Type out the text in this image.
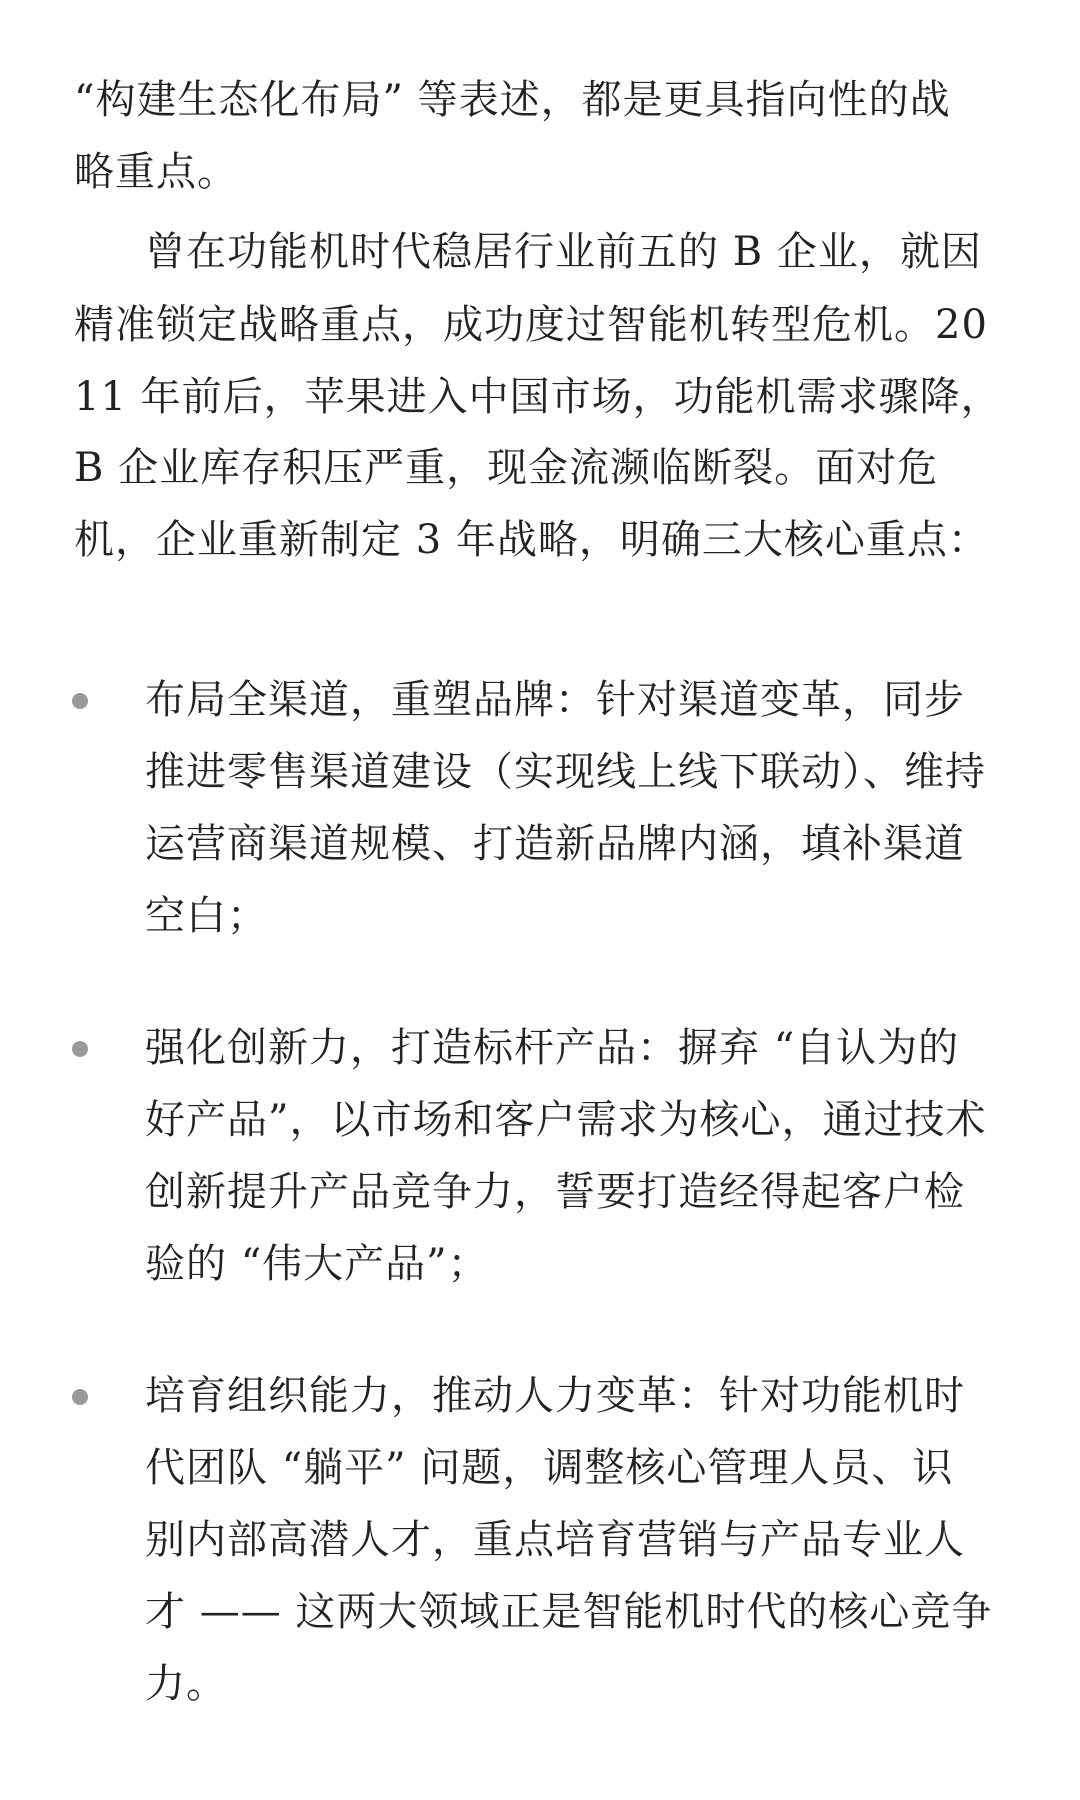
“构建生态化布局” 等表述，都是更具指向性的战
略重点。
曾在功能机时代稳居行业前五的 B 企业，就因
精准锁定战略重点，成功度过智能机转型危机。20
11 年前后，苹果进入中国市场，功能机需求骤降，
B 企业库存积压严重，现金流濒临断裂。面对危
机，企业重新制定 3 年战略，明确三大核心重点：
布局全渠道，重塑品牌：针对渠道变革，同步
推进零售渠道建设（实现线上线下联动）、维持
运营商渠道规模、打造新品牌内涵，填补渠道
空白；
强化创新力，打造标杆产品：摒弃 “自认为的
好产品”，以市场和客户需求为核心，通过技术
创新提升产品竞争力，誓要打造经得起客户检
验的 “伟大产品”；
培育组织能力，推动人力变革：针对功能机时
代团队 “躺平” 问题，调整核心管理人员、识
别内部高潜人才，重点培育营销与产品专业人
才 —— 这两大领域正是智能机时代的核心竞争
力。
